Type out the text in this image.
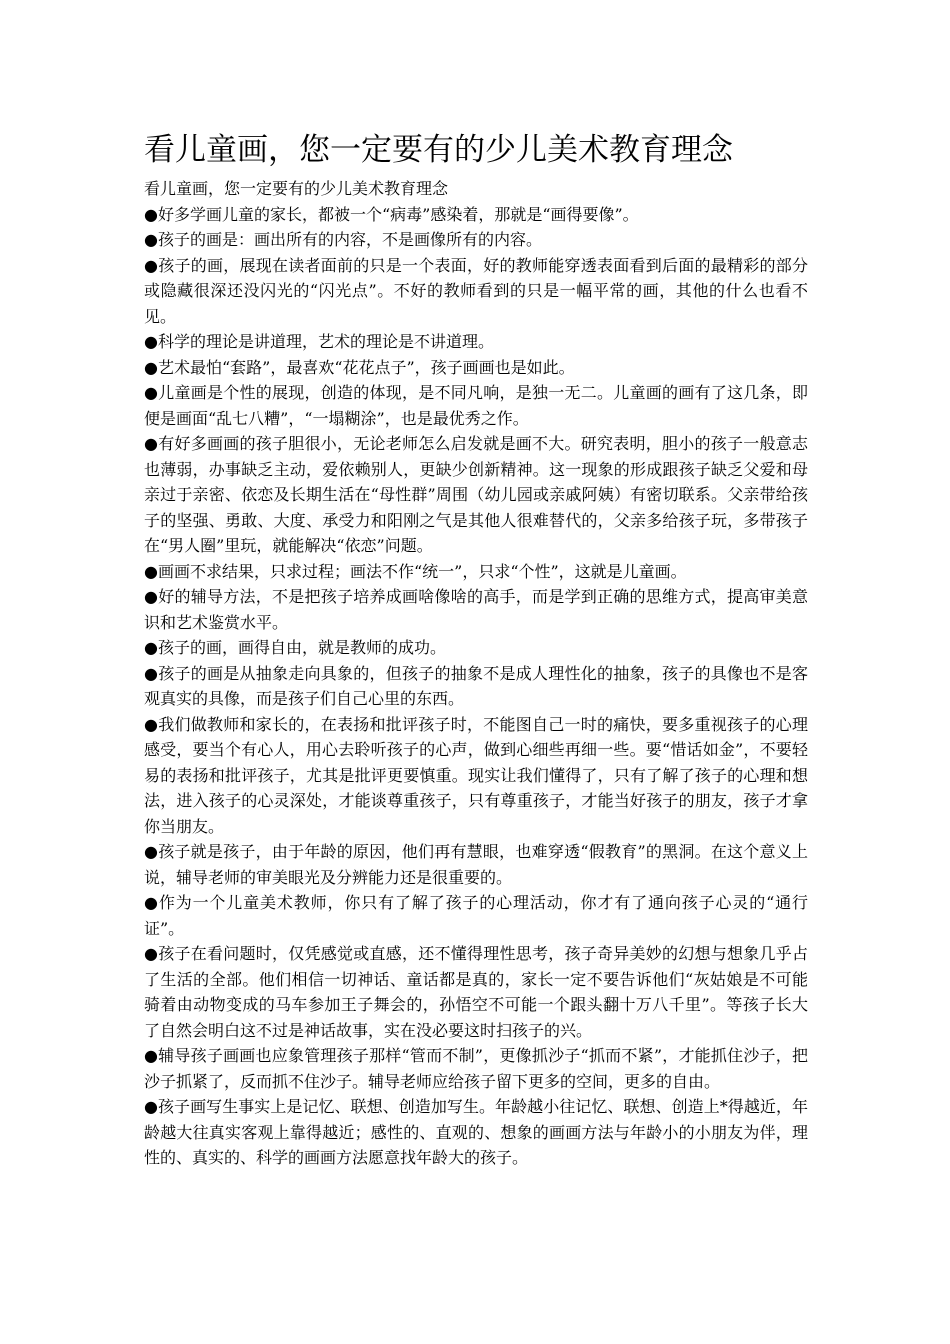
看儿童画，您一定要有的少儿美术教育理念

看儿童画，您一定要有的少儿美术教育理念

●好多学画儿童的家长，都被一个“病毒”感染着，那就是“画得要像”。

●孩子的画是：画出所有的内容，不是画像所有的内容。

●孩子的画，展现在读者面前的只是一个表面，好的教师能穿透表面看到后面的最精彩的部分或隐藏很深还没闪光的“闪光点”。不好的教师看到的只是一幅平常的画，其他的什么也看不见。

●科学的理论是讲道理，艺术的理论是不讲道理。

●艺术最怕“套路”，最喜欢“花花点子”，孩子画画也是如此。

●儿童画是个性的展现，创造的体现，是不同凡响，是独一无二。儿童画的画有了这几条，即便是画面“乱七八糟”，“一塌糊涂”，也是最优秀之作。

●有好多画画的孩子胆很小，无论老师怎么启发就是画不大。研究表明，胆小的孩子一般意志也薄弱，办事缺乏主动，爱依赖别人，更缺少创新精神。这一现象的形成跟孩子缺乏父爱和母亲过于亲密、依恋及长期生活在“母性群”周围（幼儿园或亲戚阿姨）有密切联系。父亲带给孩子的坚强、勇敢、大度、承受力和阳刚之气是其他人很难替代的，父亲多给孩子玩，多带孩子在“男人圈”里玩，就能解决“依恋”问题。

●画画不求结果，只求过程；画法不作“统一”，只求“个性”，这就是儿童画。

●好的辅导方法，不是把孩子培养成画啥像啥的高手，而是学到正确的思维方式，提高审美意识和艺术鉴赏水平。

●孩子的画，画得自由，就是教师的成功。

●孩子的画是从抽象走向具象的，但孩子的抽象不是成人理性化的抽象，孩子的具像也不是客观真实的具像，而是孩子们自己心里的东西。

●我们做教师和家长的，在表扬和批评孩子时，不能图自己一时的痛快，要多重视孩子的心理感受，要当个有心人，用心去聆听孩子的心声，做到心细些再细一些。要“惜话如金”，不要轻易的表扬和批评孩子，尤其是批评更要慎重。现实让我们懂得了，只有了解了孩子的心理和想法，进入孩子的心灵深处，才能谈尊重孩子，只有尊重孩子，才能当好孩子的朋友，孩子才拿你当朋友。

●孩子就是孩子，由于年龄的原因，他们再有慧眼，也难穿透“假教育”的黑洞。在这个意义上说，辅导老师的审美眼光及分辨能力还是很重要的。

●作为一个儿童美术教师，你只有了解了孩子的心理活动，你才有了通向孩子心灵的“通行证”。

●孩子在看问题时，仅凭感觉或直感，还不懂得理性思考，孩子奇异美妙的幻想与想象几乎占了生活的全部。他们相信一切神话、童话都是真的，家长一定不要告诉他们“灰姑娘是不可能骑着由动物变成的马车参加王子舞会的，孙悟空不可能一个跟头翻十万八千里”。等孩子长大了自然会明白这不过是神话故事，实在没必要这时扫孩子的兴。

●辅导孩子画画也应象管理孩子那样“管而不制”，更像抓沙子“抓而不紧”，才能抓住沙子，把沙子抓紧了，反而抓不住沙子。辅导老师应给孩子留下更多的空间，更多的自由。

●孩子画写生事实上是记忆、联想、创造加写生。年龄越小往记忆、联想、创造上*得越近，年龄越大往真实客观上靠得越近；感性的、直观的、想象的画画方法与年龄小的小朋友为伴，理性的、真实的、科学的画画方法愿意找年龄大的孩子。
